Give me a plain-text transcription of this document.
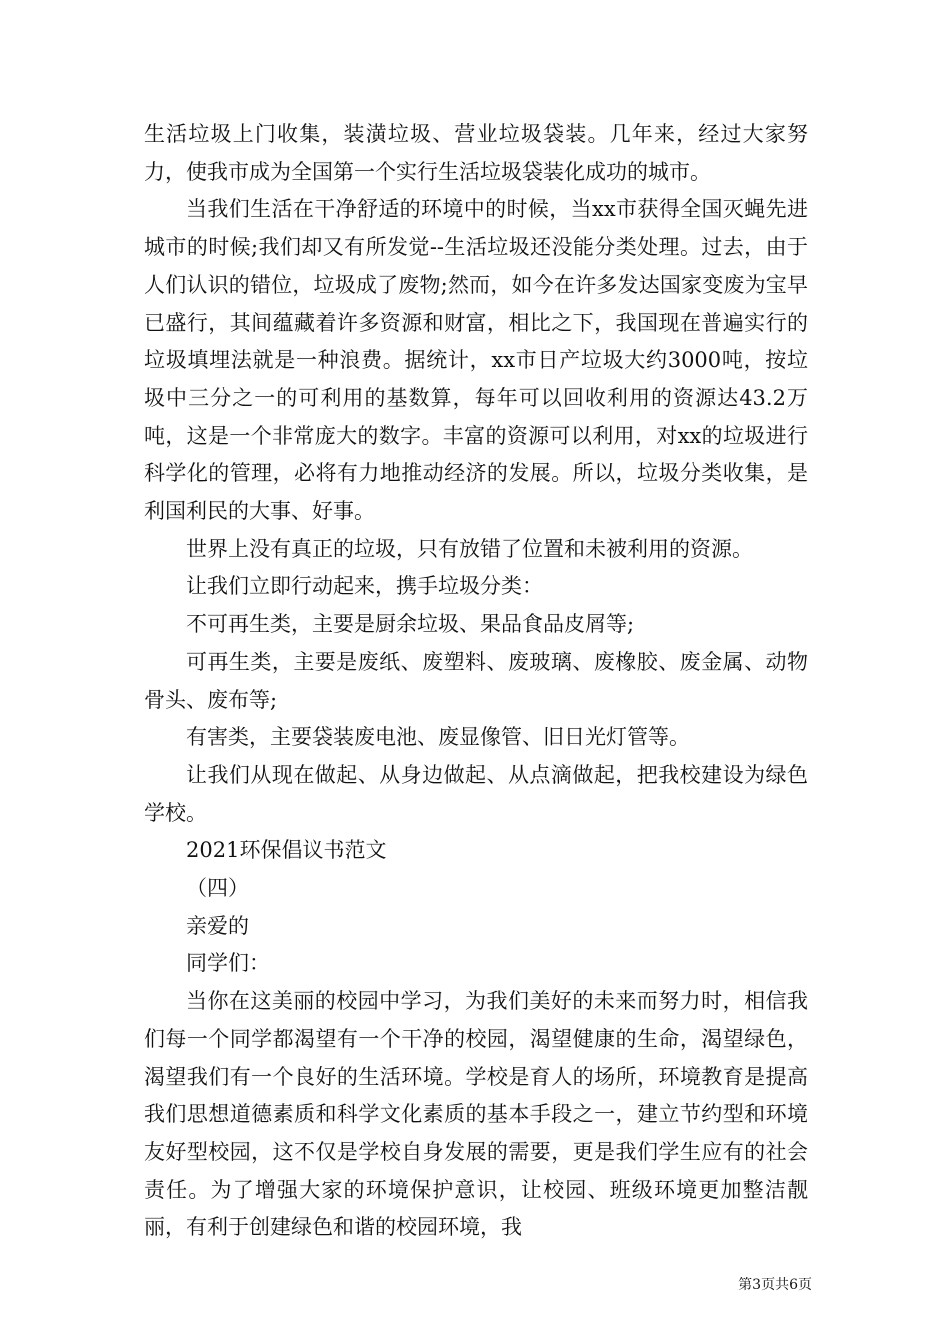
生活垃圾上门收集，装潢垃圾、营业垃圾袋装。几年来，经过大家努力，使我市成为全国第一个实行生活垃圾袋装化成功的城市。

当我们生活在干净舒适的环境中的时候，当xx市获得全国灭蝇先进城市的时候;我们却又有所发觉--生活垃圾还没能分类处理。过去，由于人们认识的错位，垃圾成了废物;然而，如今在许多发达国家变废为宝早已盛行，其间蕴藏着许多资源和财富，相比之下，我国现在普遍实行的垃圾填埋法就是一种浪费。据统计，xx市日产垃圾大约3000吨，按垃圾中三分之一的可利用的基数算，每年可以回收利用的资源达43.2万吨，这是一个非常庞大的数字。丰富的资源可以利用，对xx的垃圾进行科学化的管理，必将有力地推动经济的发展。所以，垃圾分类收集，是利国利民的大事、好事。

世界上没有真正的垃圾，只有放错了位置和未被利用的资源。

让我们立即行动起来，携手垃圾分类：

不可再生类，主要是厨余垃圾、果品食品皮屑等;

可再生类，主要是废纸、废塑料、废玻璃、废橡胶、废金属、动物骨头、废布等;

有害类，主要袋装废电池、废显像管、旧日光灯管等。

让我们从现在做起、从身边做起、从点滴做起，把我校建设为绿色学校。

2021环保倡议书范文

（四）

亲爱的

同学们：

当你在这美丽的校园中学习，为我们美好的未来而努力时，相信我们每一个同学都渴望有一个干净的校园，渴望健康的生命，渴望绿色，渴望我们有一个良好的生活环境。学校是育人的场所，环境教育是提高我们思想道德素质和科学文化素质的基本手段之一，建立节约型和环境友好型校园，这不仅是学校自身发展的需要，更是我们学生应有的社会责任。为了增强大家的环境保护意识，让校园、班级环境更加整洁靓丽，有利于创建绿色和谐的校园环境，我

第3页共6页
